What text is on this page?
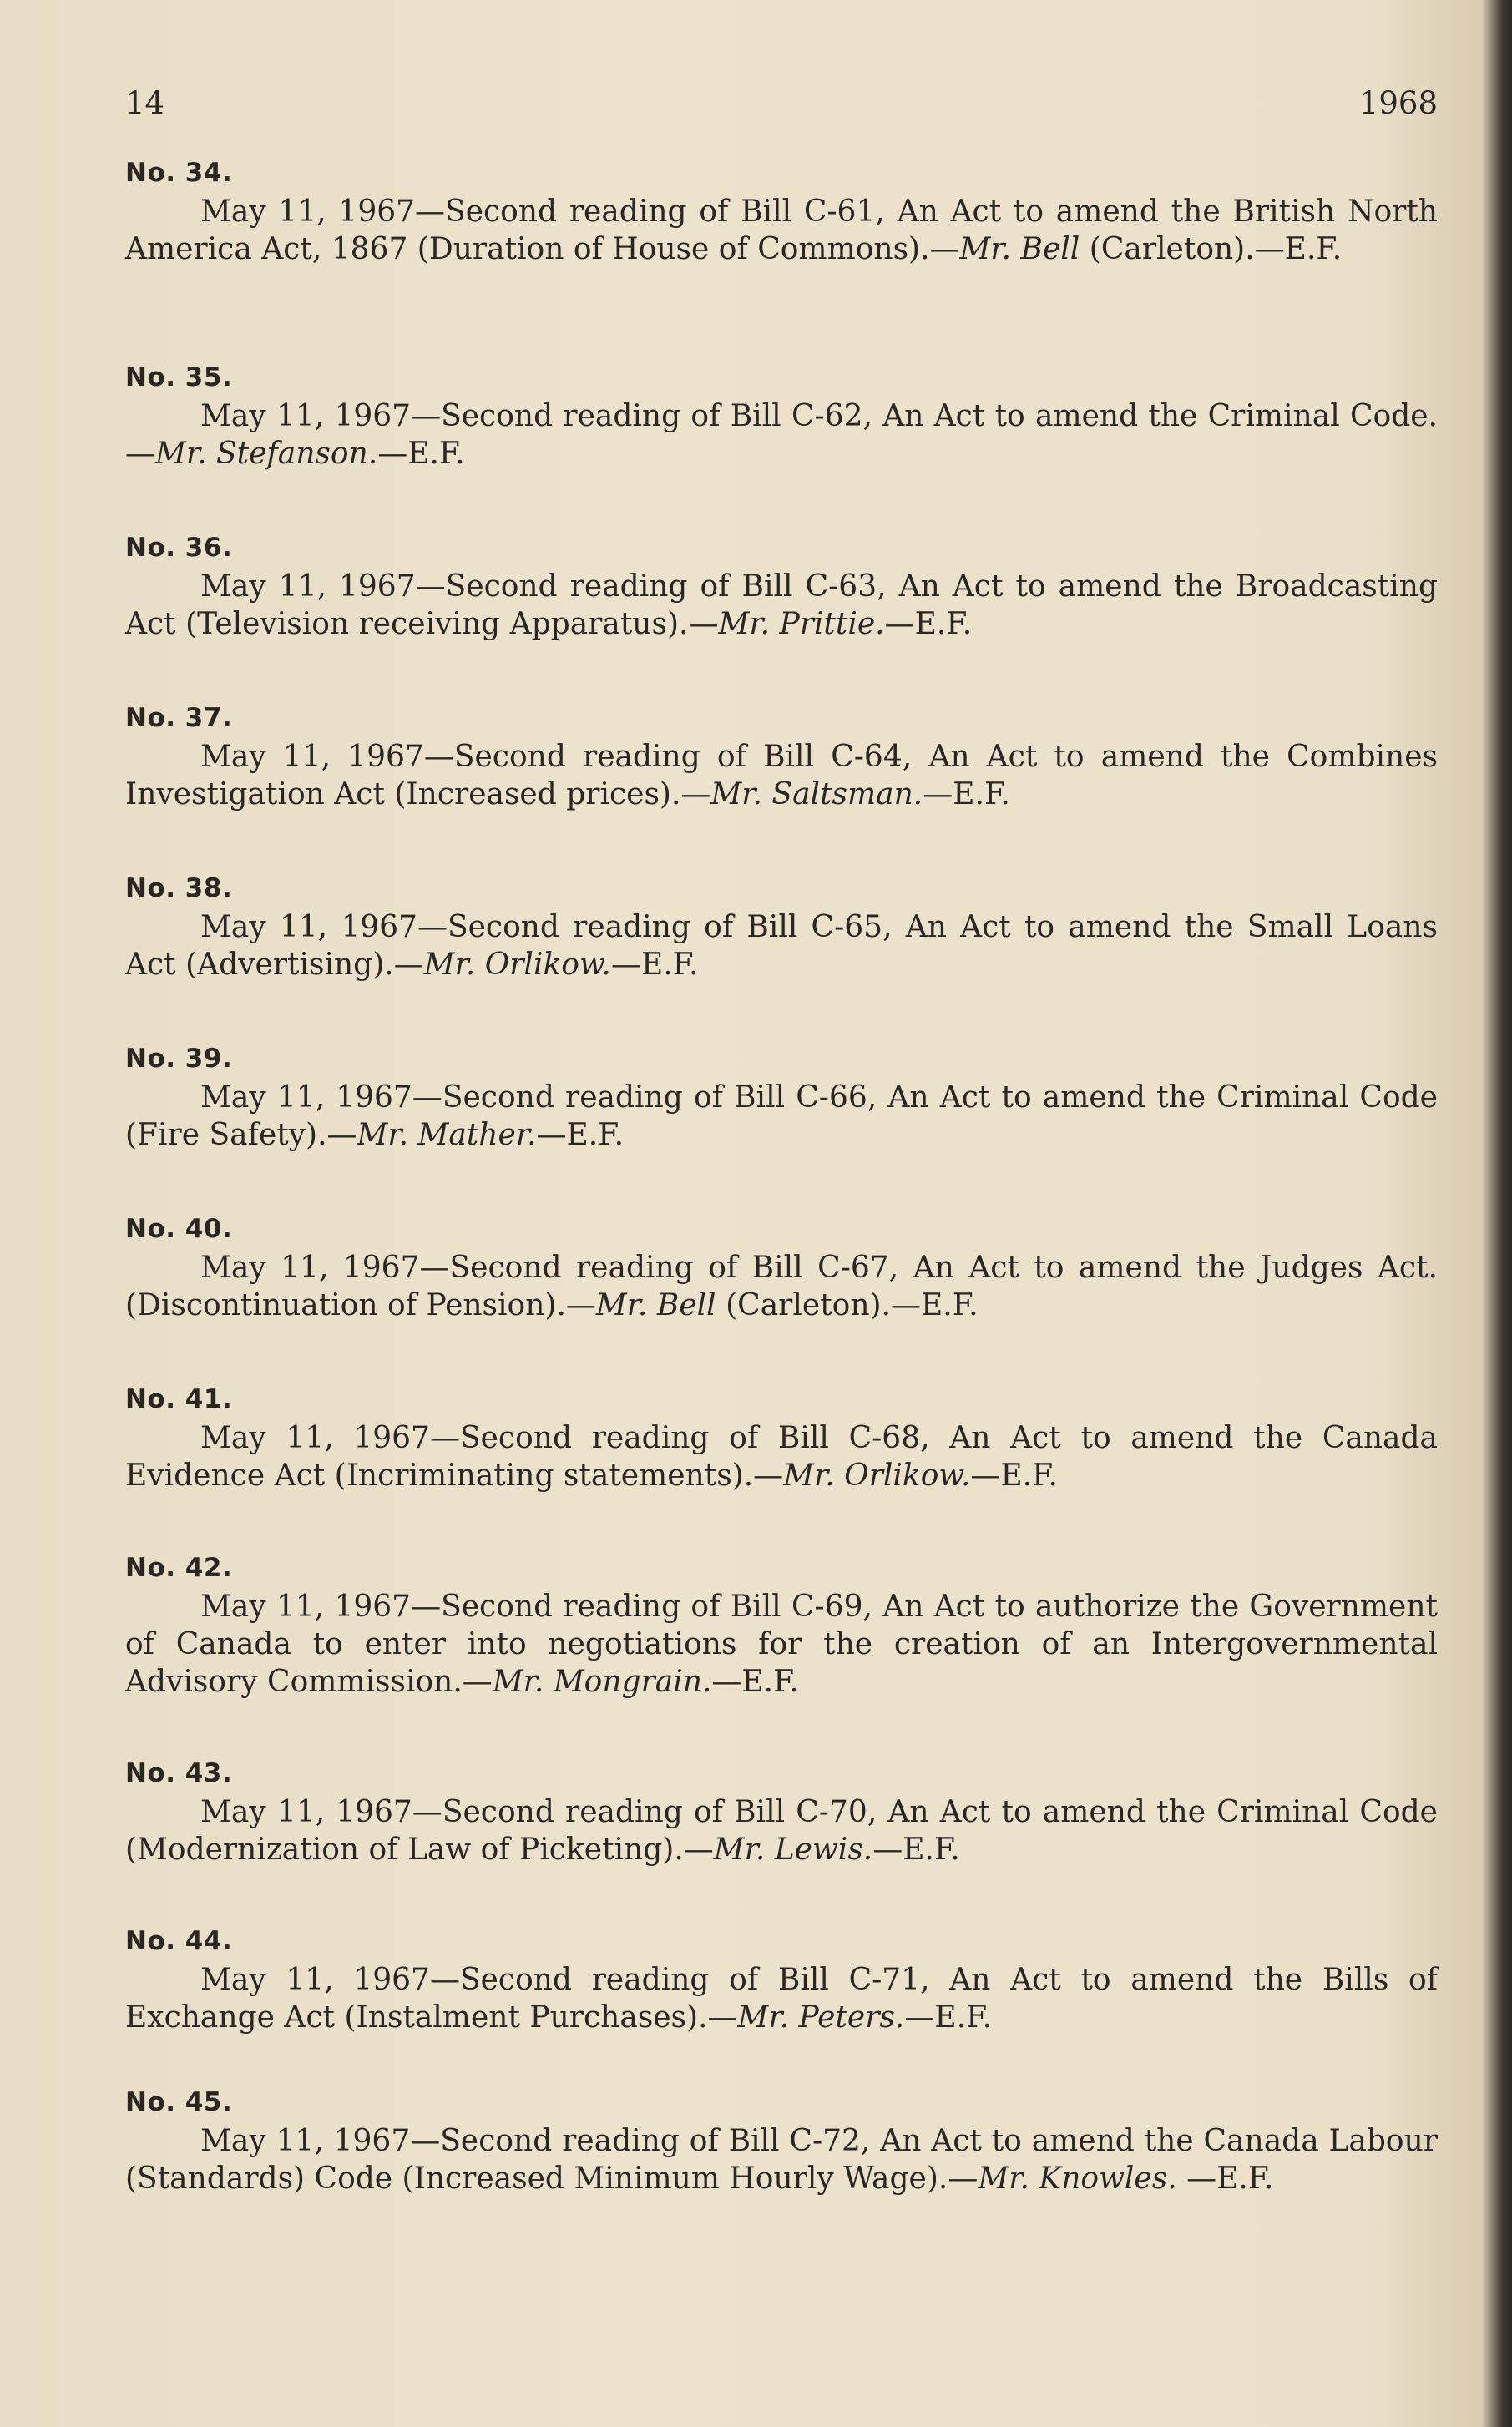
14	1968
No. 34.

May 11, 1967—Second reading of Bill C-61, An Act to amend the British North America Act, 1867 (Duration of House of Commons).—Mr. Bell (Carleton).—E.F.

No. 35.

May 11, 1967—Second reading of Bill C-62, An Act to amend the Criminal Code.—Mr. Stefanson.—E.F.

No. 36.

May 11, 1967—Second reading of Bill C-63, An Act to amend the Broadcasting Act (Television receiving Apparatus).—Mr. Prittie.—E.F.

No. 37.

May 11, 1967—Second reading of Bill C-64, An Act to amend the Combines Investigation Act (Increased prices).—Mr. Saltsman.—E.F.

No. 38.

May 11, 1967—Second reading of Bill C-65, An Act to amend the Small Loans Act (Advertising).—Mr. Orlikow.—E.F.

No. 39.

May 11, 1967—Second reading of Bill C-66, An Act to amend the Criminal Code (Fire Safety).—Mr. Mather.—E.F.

No. 40.

May 11, 1967—Second reading of Bill C-67, An Act to amend the Judges Act. (Discontinuation of Pension).—Mr. Bell (Carleton).—E.F.

No. 41.

May 11, 1967—Second reading of Bill C-68, An Act to amend the Canada Evidence Act (Incriminating statements).—Mr. Orlikow.—E.F.

No. 42.

May 11, 1967—Second reading of Bill C-69, An Act to authorize the Government of Canada to enter into negotiations for the creation of an Intergovernmental Advisory Commission.—Mr. Mongrain.—E.F.

No. 43.

May 11, 1967—Second reading of Bill C-70, An Act to amend the Criminal Code (Modernization of Law of Picketing).—Mr. Lewis.—E.F.

No. 44.

May 11, 1967—Second reading of Bill C-71, An Act to amend the Bills of Exchange Act (Instalment Purchases).—Mr. Peters.—E.F.

No. 45.

May 11, 1967—Second reading of Bill C-72, An Act to amend the Canada Labour (Standards) Code (Increased Minimum Hourly Wage).—Mr. Knowles. —E.F.
